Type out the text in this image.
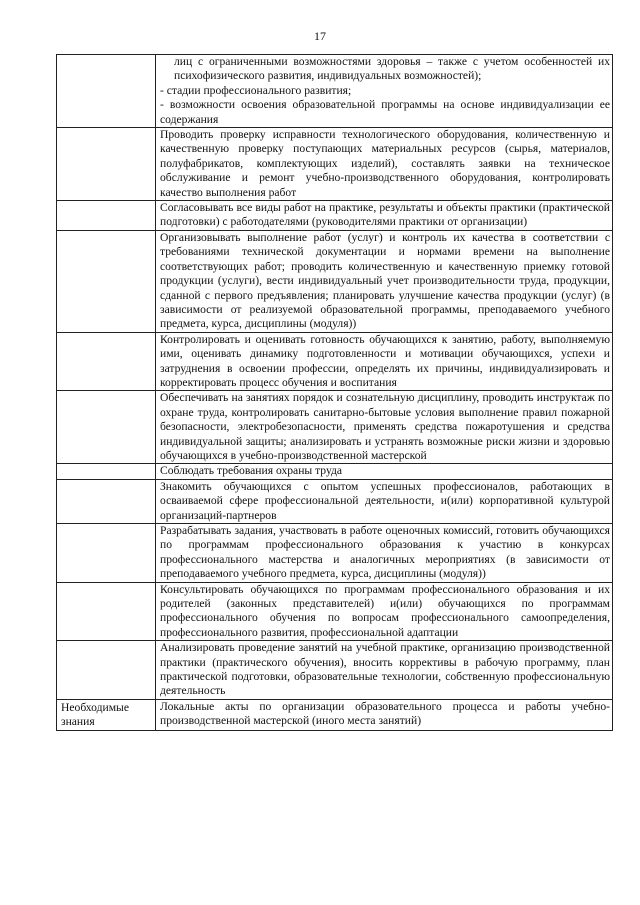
17

	лиц с ограниченными возможностями здоровья – также с учетом особенностей их психофизического развития, индивидуальных возможностей);
- стадии профессионального развития;
- возможности освоения образовательной программы на основе индивидуализации ее содержания

	Проводить проверку исправности технологического оборудования, количественную и качественную проверку поступающих материальных ресурсов (сырья, материалов, полуфабрикатов, комплектующих изделий), составлять заявки на техническое обслуживание и ремонт учебно-производственного оборудования, контролировать качество выполнения работ

	Согласовывать все виды работ на практике, результаты и объекты практики (практической подготовки) с работодателями (руководителями практики от организации)

	Организовывать выполнение работ (услуг) и контроль их качества в соответствии с требованиями технической документации и нормами времени на выполнение соответствующих работ; проводить количественную и качественную приемку готовой продукции (услуги), вести индивидуальный учет производительности труда, продукции, сданной с первого предъявления; планировать улучшение качества продукции (услуг) (в зависимости от реализуемой образовательной программы, преподаваемого учебного предмета, курса, дисциплины (модуля))

	Контролировать и оценивать готовность обучающихся к занятию, работу, выполняемую ими, оценивать динамику подготовленности и мотивации обучающихся, успехи и затруднения в освоении профессии, определять их причины, индивидуализировать и корректировать процесс обучения и воспитания

	Обеспечивать на занятиях порядок и сознательную дисциплину, проводить инструктаж по охране труда, контролировать санитарно-бытовые условия выполнение правил пожарной безопасности, электробезопасности, применять средства пожаротушения и средства индивидуальной защиты; анализировать и устранять возможные риски жизни и здоровью обучающихся в учебно-производственной мастерской

	Соблюдать требования охраны труда

	Знакомить обучающихся с опытом успешных профессионалов, работающих в осваиваемой сфере профессиональной деятельности, и(или) корпоративной культурой организаций-партнеров

	Разрабатывать задания, участвовать в работе оценочных комиссий, готовить обучающихся по программам профессионального образования к участию в конкурсах профессионального мастерства и аналогичных мероприятиях (в зависимости от преподаваемого учебного предмета, курса, дисциплины (модуля))

	Консультировать обучающихся по программам профессионального образования и их родителей (законных представителей) и(или) обучающихся по программам профессионального обучения по вопросам профессионального самоопределения, профессионального развития, профессиональной адаптации

	Анализировать проведение занятий на учебной практике, организацию производственной практики (практического обучения), вносить коррективы в рабочую программу, план практической подготовки, образовательные технологии, собственную профессиональную деятельность

Необходимые знания	Локальные акты по организации образовательного процесса и работы учебно-производственной мастерской (иного места занятий)
